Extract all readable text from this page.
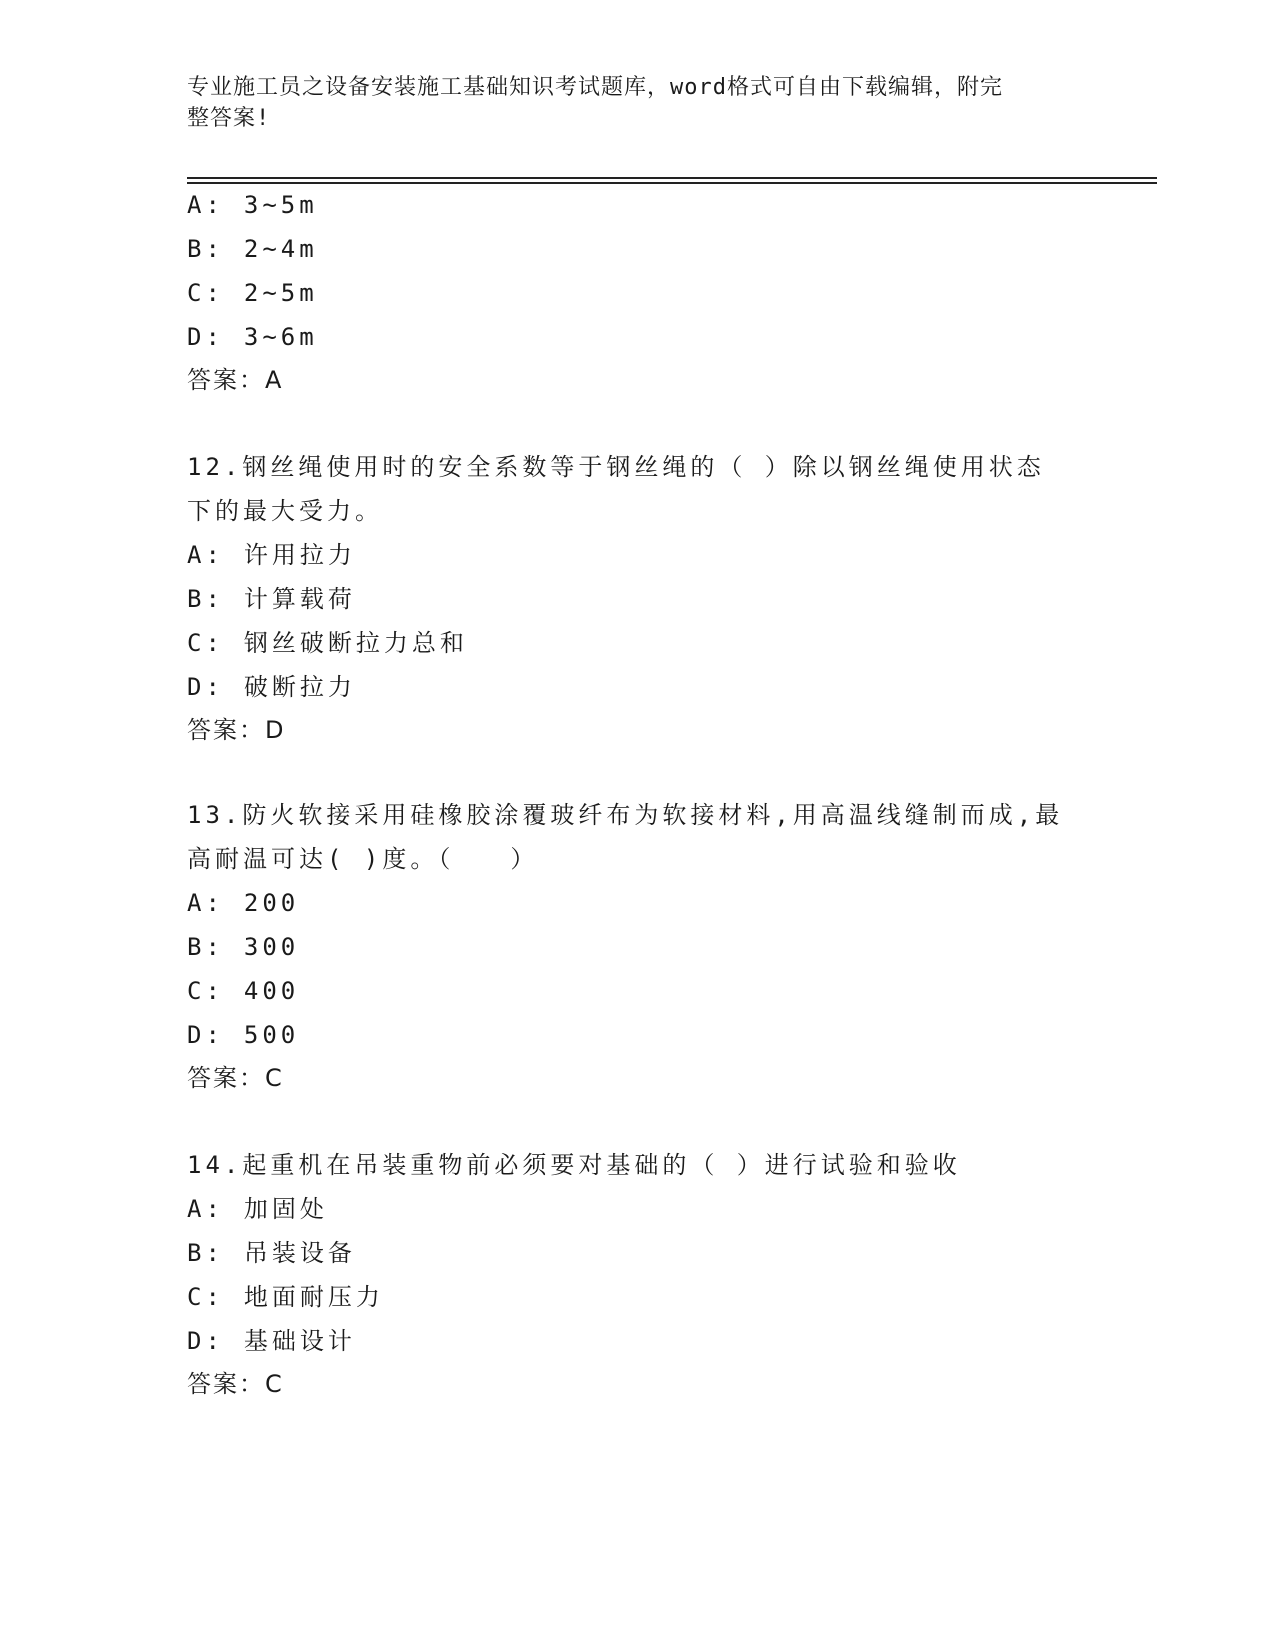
专业施工员之设备安装施工基础知识考试题库，word格式可自由下载编辑，附完
整答案!
A: 3~5m
B: 2~4m
C: 2~5m
D: 3~6m
答案：A
12.钢丝绳使用时的安全系数等于钢丝绳的（ ）除以钢丝绳使用状态
下的最大受力。
A: 许用拉力
B: 计算载荷
C: 钢丝破断拉力总和
D: 破断拉力
答案：D
13.防火软接采用硅橡胶涂覆玻纤布为软接材料,用高温线缝制而成,最
高耐温可达( )度。（　　）
A: 200
B: 300
C: 400
D: 500
答案：C
14.起重机在吊装重物前必须要对基础的（ ）进行试验和验收
A: 加固处
B: 吊装设备
C: 地面耐压力
D: 基础设计
答案：C
